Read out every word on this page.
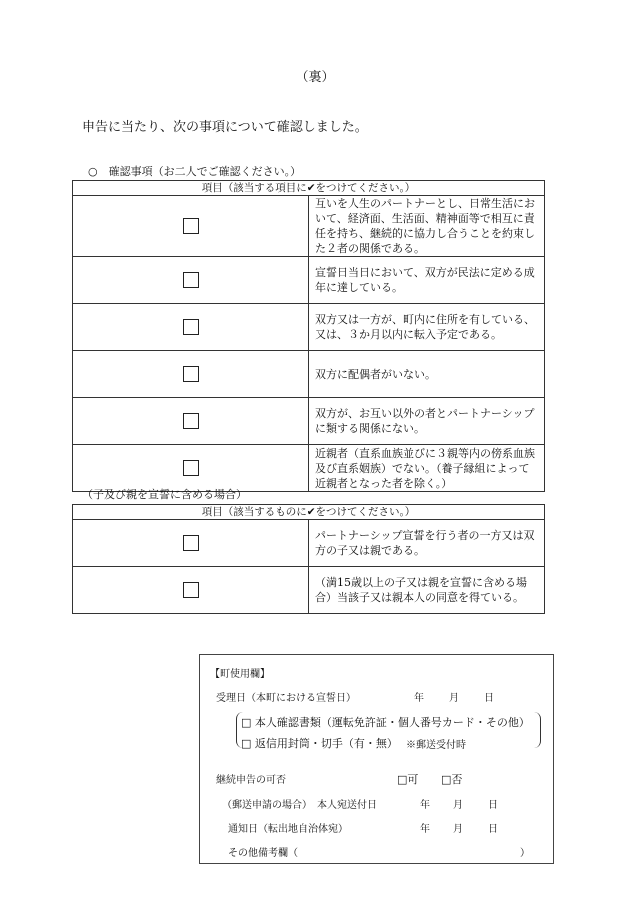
（裏）
申告に当たり、次の事項について確認しました。
○　確認事項（お二人でご確認ください。）
項目（該当する項目に✔をつけてください。）	
	互いを人生のパートナーとし、日常生活において、経済面、生活面、精神面等で相互に責任を持ち、継続的に協力し合うことを約束した２者の関係である。
	宣誓日当日において、双方が民法に定める成年に達している。
	双方又は一方が、町内に住所を有している、又は、３か月以内に転入予定である。
	双方に配偶者がいない。
	双方が、お互い以外の者とパートナーシップに類する関係にない。
	近親者（直系血族並びに３親等内の傍系血族及び直系姻族）でない。（養子縁組によって近親者となった者を除く。）
（子及び親を宣誓に含める場合）
項目（該当するものに✔をつけてください。）	
	パートナーシップ宣誓を行う者の一方又は双方の子又は親である。
	（満15歳以上の子又は親を宣誓に含める場合）当該子又は親本人の同意を得ている。
【町使用欄】
受理日（本町における宣誓日）	年	月	日
□ 本人確認書類（運転免許証・個人番号カード・その他）
□ 返信用封筒・切手（有・無） ※郵送受付時
継続申告の可否	□可 □否
（郵送申請の場合）　本人宛送付日	年 月	日
通知日（転出地自治体宛）	年 月	日
その他備考欄（	）
